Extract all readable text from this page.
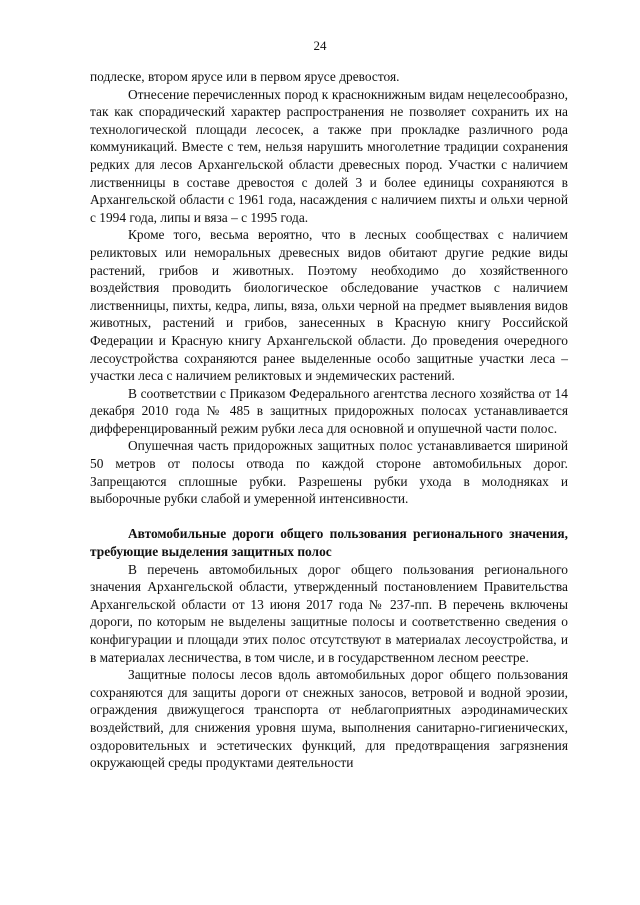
24

подлеске, втором ярусе или в первом ярусе древостоя.

Отнесение перечисленных пород к краснокнижным видам нецелесообразно, так как спорадический характер распространения не позволяет сохранить их на технологической площади лесосек, а также при прокладке различного рода коммуникаций. Вместе с тем, нельзя нарушить многолетние традиции сохранения редких для лесов Архангельской области древесных пород. Участки с наличием лиственницы в составе древостоя с долей 3 и более единицы сохраняются в Архангельской области с 1961 года, насаждения с наличием пихты и ольхи черной с 1994 года, липы и вяза – с 1995 года.

Кроме того, весьма вероятно, что в лесных сообществах с наличием реликтовых или неморальных древесных видов обитают другие редкие виды растений, грибов и животных. Поэтому необходимо до хозяйственного воздействия проводить биологическое обследование участков с наличием лиственницы, пихты, кедра, липы, вяза, ольхи черной на предмет выявления видов животных, растений и грибов, занесенных в Красную книгу Российской Федерации и Красную книгу Архангельской области. До проведения очередного лесоустройства сохраняются ранее выделенные особо защитные участки леса – участки леса с наличием реликтовых и эндемических растений.

В соответствии с Приказом Федерального агентства лесного хозяйства от 14 декабря 2010 года № 485 в защитных придорожных полосах устанавливается дифференцированный режим рубки леса для основной и опушечной части полос.

Опушечная часть придорожных защитных полос устанавливается шириной 50 метров от полосы отвода по каждой стороне автомобильных дорог. Запрещаются сплошные рубки. Разрешены рубки ухода в молодняках и выборочные рубки слабой и умеренной интенсивности.

Автомобильные дороги общего пользования регионального значения, требующие выделения защитных полос

В перечень автомобильных дорог общего пользования регионального значения Архангельской области, утвержденный постановлением Правительства Архангельской области от 13 июня 2017 года № 237-пп. В перечень включены дороги, по которым не выделены защитные полосы и соответственно сведения о конфигурации и площади этих полос отсутствуют в материалах лесоустройства, и в материалах лесничества, в том числе, и в государственном лесном реестре.

Защитные полосы лесов вдоль автомобильных дорог общего пользования сохраняются для защиты дороги от снежных заносов, ветровой и водной эрозии, ограждения движущегося транспорта от неблагоприятных аэродинамических воздействий, для снижения уровня шума, выполнения санитарно-гигиенических, оздоровительных и эстетических функций, для предотвращения загрязнения окружающей среды продуктами деятельности
